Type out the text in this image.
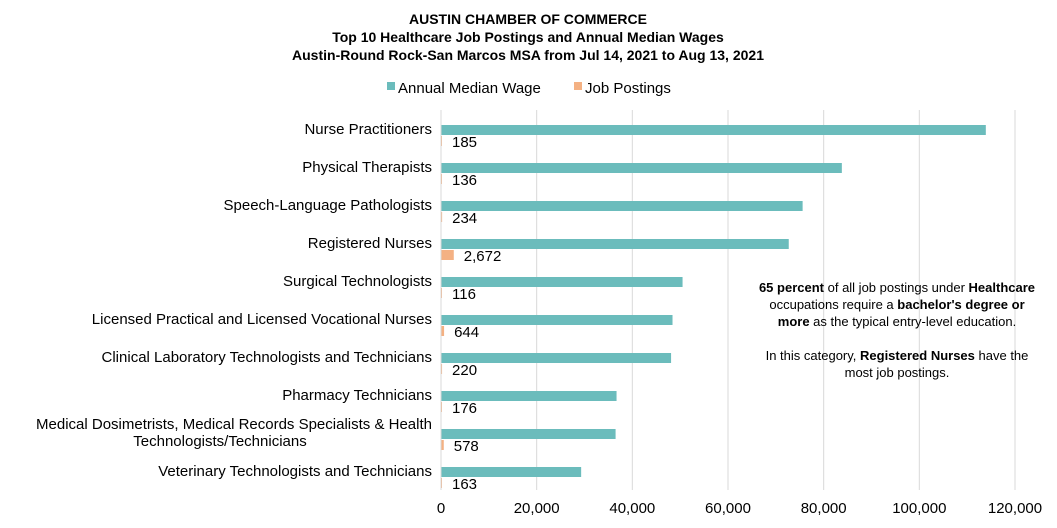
AUSTIN CHAMBER OF COMMERCE
Top 10 Healthcare Job Postings and Annual Median Wages
Austin-Round Rock-San Marcos MSA from Jul 14, 2021 to Aug 13, 2021
Annual Median Wage	Job Postings
0	20,000	40,000	60,000	80,000	100,000	120,000
185
Nurse Practitioners
136
Physical Therapists
234
Speech-Language Pathologists
2,672
Registered Nurses
116
Surgical Technologists
644
Licensed Practical and Licensed Vocational Nurses
220
Clinical Laboratory Technologists and Technicians
176
Pharmacy Technicians
578
Medical Dosimetrists, Medical Records Specialists & Health
Technologists/Technicians
163
Veterinary Technologists and Technicians

65 percent of all job postings under Healthcare occupations require a bachelor's degree or more as the typical entry-level education.

In this category, Registered Nurses have the most job postings.
